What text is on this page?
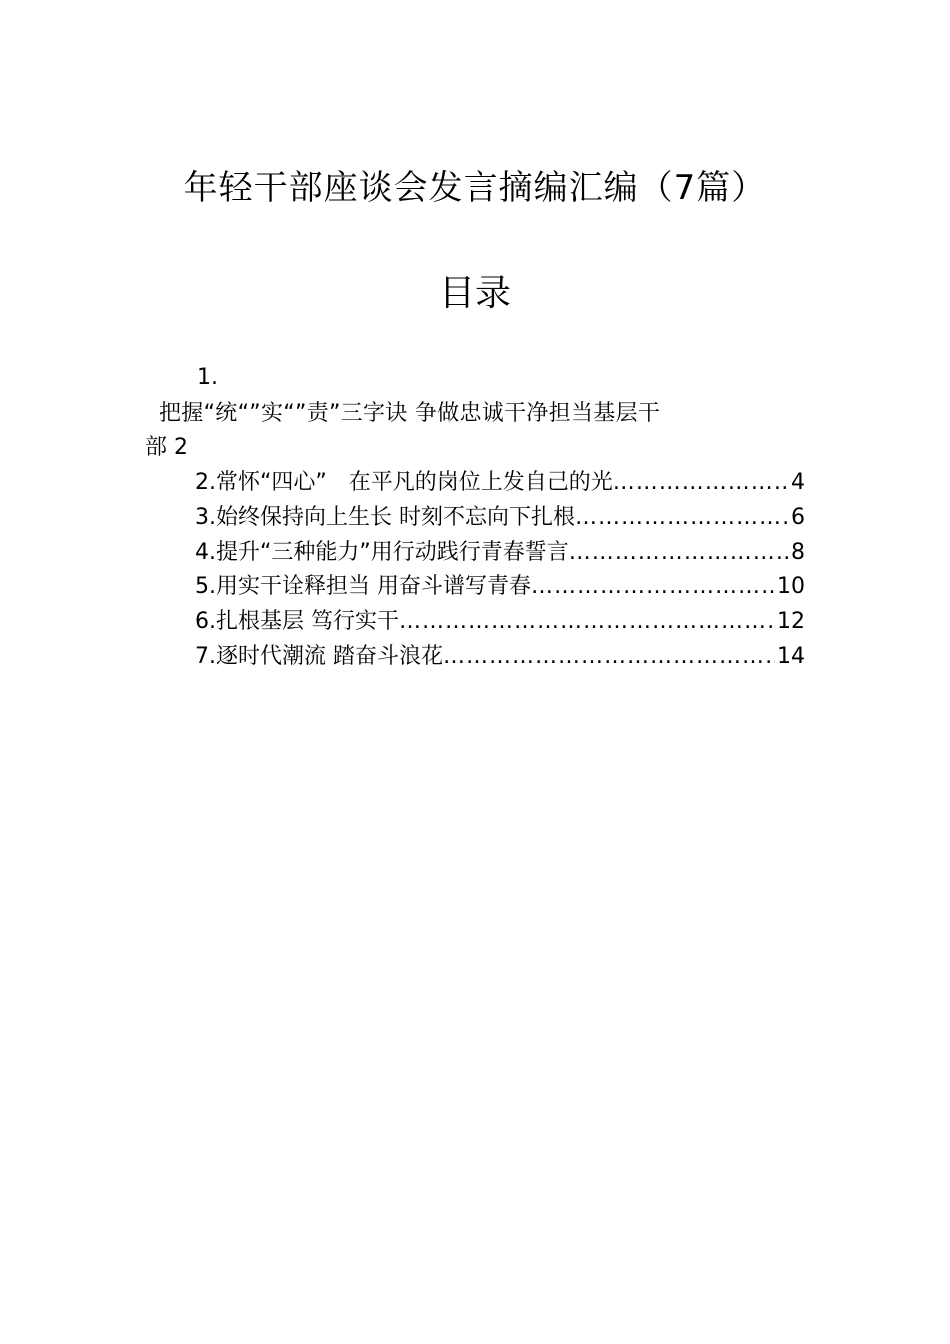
年轻干部座谈会发言摘编汇编（7篇）
目录
1.
把握“统“”实“”责”三字诀 争做忠诚干净担当基层干
部 2
2.常怀“四心”　在平凡的岗位上发自己的光 ……………………………………………………………………………………………………	4
3.始终保持向上生长 时刻不忘向下扎根 ……………………………………………………………………………………………………	6
4.提升“三种能力”用行动践行青春誓言 ……………………………………………………………………………………………………	8
5.用实干诠释担当 用奋斗谱写青春 ……………………………………………………………………………………………………	10
6.扎根基层 笃行实干 ……………………………………………………………………………………………………	12
7.逐时代潮流 踏奋斗浪花 ……………………………………………………………………………………………………	14
